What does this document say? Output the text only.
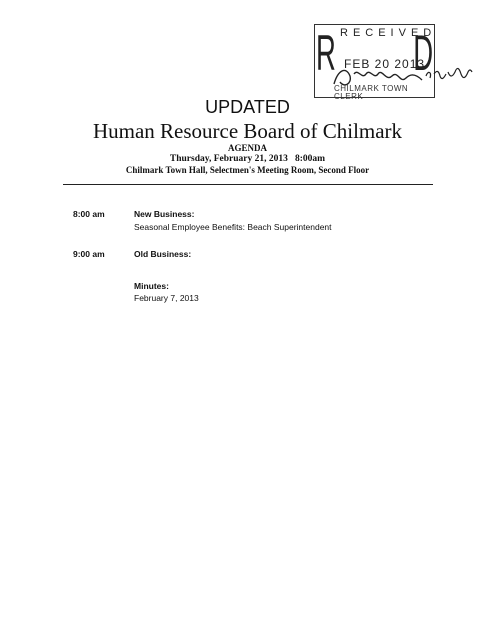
R RECEIVED
D
FEB 20 2013
CHILMARK TOWN CLERK
UPDATED
Human Resource Board of Chilmark
AGENDA
Thursday, February 21, 2013   8:00am
Chilmark Town Hall, Selectmen's Meeting Room, Second Floor
8:00 am	New Business:
Seasonal Employee Benefits: Beach Superintendent
9:00 am	Old Business:
Minutes:
February 7, 2013
